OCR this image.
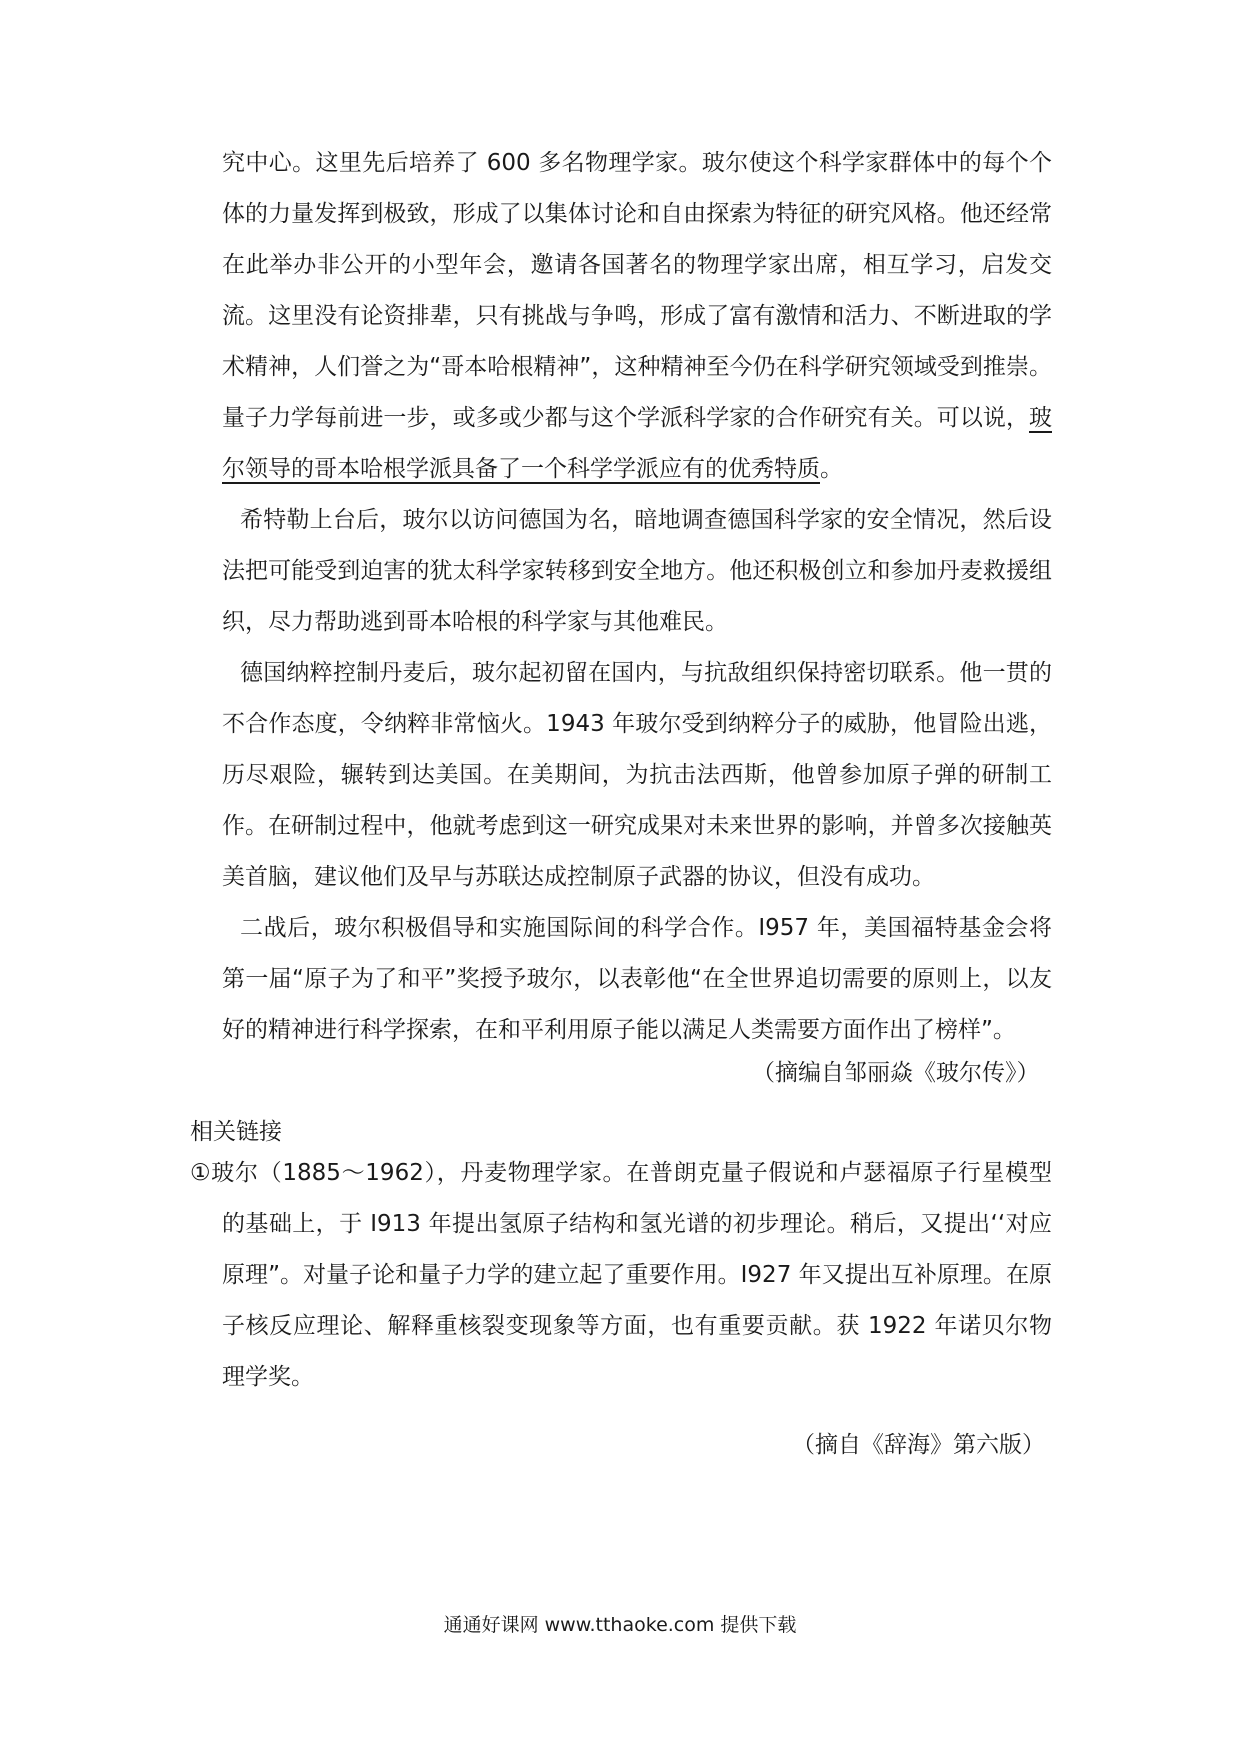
究中心。这里先后培养了 600 多名物理学家。玻尔使这个科学家群体中的每个个体的力量发挥到极致，形成了以集体讨论和自由探索为特征的研究风格。他还经常在此举办非公开的小型年会，邀请各国著名的物理学家出席，相互学习，启发交流。这里没有论资排辈，只有挑战与争鸣，形成了富有激情和活力、不断进取的学术精神，人们誉之为“哥本哈根精神”，这种精神至今仍在科学研究领域受到推崇。量子力学每前进一步，或多或少都与这个学派科学家的合作研究有关。可以说，玻尔领导的哥本哈根学派具备了一个科学学派应有的优秀特质。

希特勒上台后，玻尔以访问德国为名，暗地调查德国科学家的安全情况，然后设法把可能受到迫害的犹太科学家转移到安全地方。他还积极创立和参加丹麦救援组织，尽力帮助逃到哥本哈根的科学家与其他难民。

德国纳粹控制丹麦后，玻尔起初留在国内，与抗敌组织保持密切联系。他一贯的不合作态度，令纳粹非常恼火。1943 年玻尔受到纳粹分子的威胁，他冒险出逃，历尽艰险，辗转到达美国。在美期间，为抗击法西斯，他曾参加原子弹的研制工作。在研制过程中，他就考虑到这一研究成果对未来世界的影响，并曾多次接触英美首脑，建议他们及早与苏联达成控制原子武器的协议，但没有成功。

二战后，玻尔积极倡导和实施国际间的科学合作。I957 年，美国福特基金会将第一届“原子为了和平”奖授予玻尔，以表彰他“在全世界追切需要的原则上，以友好的精神进行科学探索，在和平利用原子能以满足人类需要方面作出了榜样”。

（摘编自邹丽焱《玻尔传》）
相关链接
①玻尔（1885～1962），丹麦物理学家。在普朗克量子假说和卢瑟福原子行星模型的基础上，于 I913 年提出氢原子结构和氢光谱的初步理论。稍后，又提出‘‘对应原理”。对量子论和量子力学的建立起了重要作用。I927 年又提出互补原理。在原子核反应理论、解释重核裂变现象等方面，也有重要贡献。获 1922 年诺贝尔物理学奖。
（摘自《辞海》第六版）
通通好课网 www.tthaoke.com 提供下载
